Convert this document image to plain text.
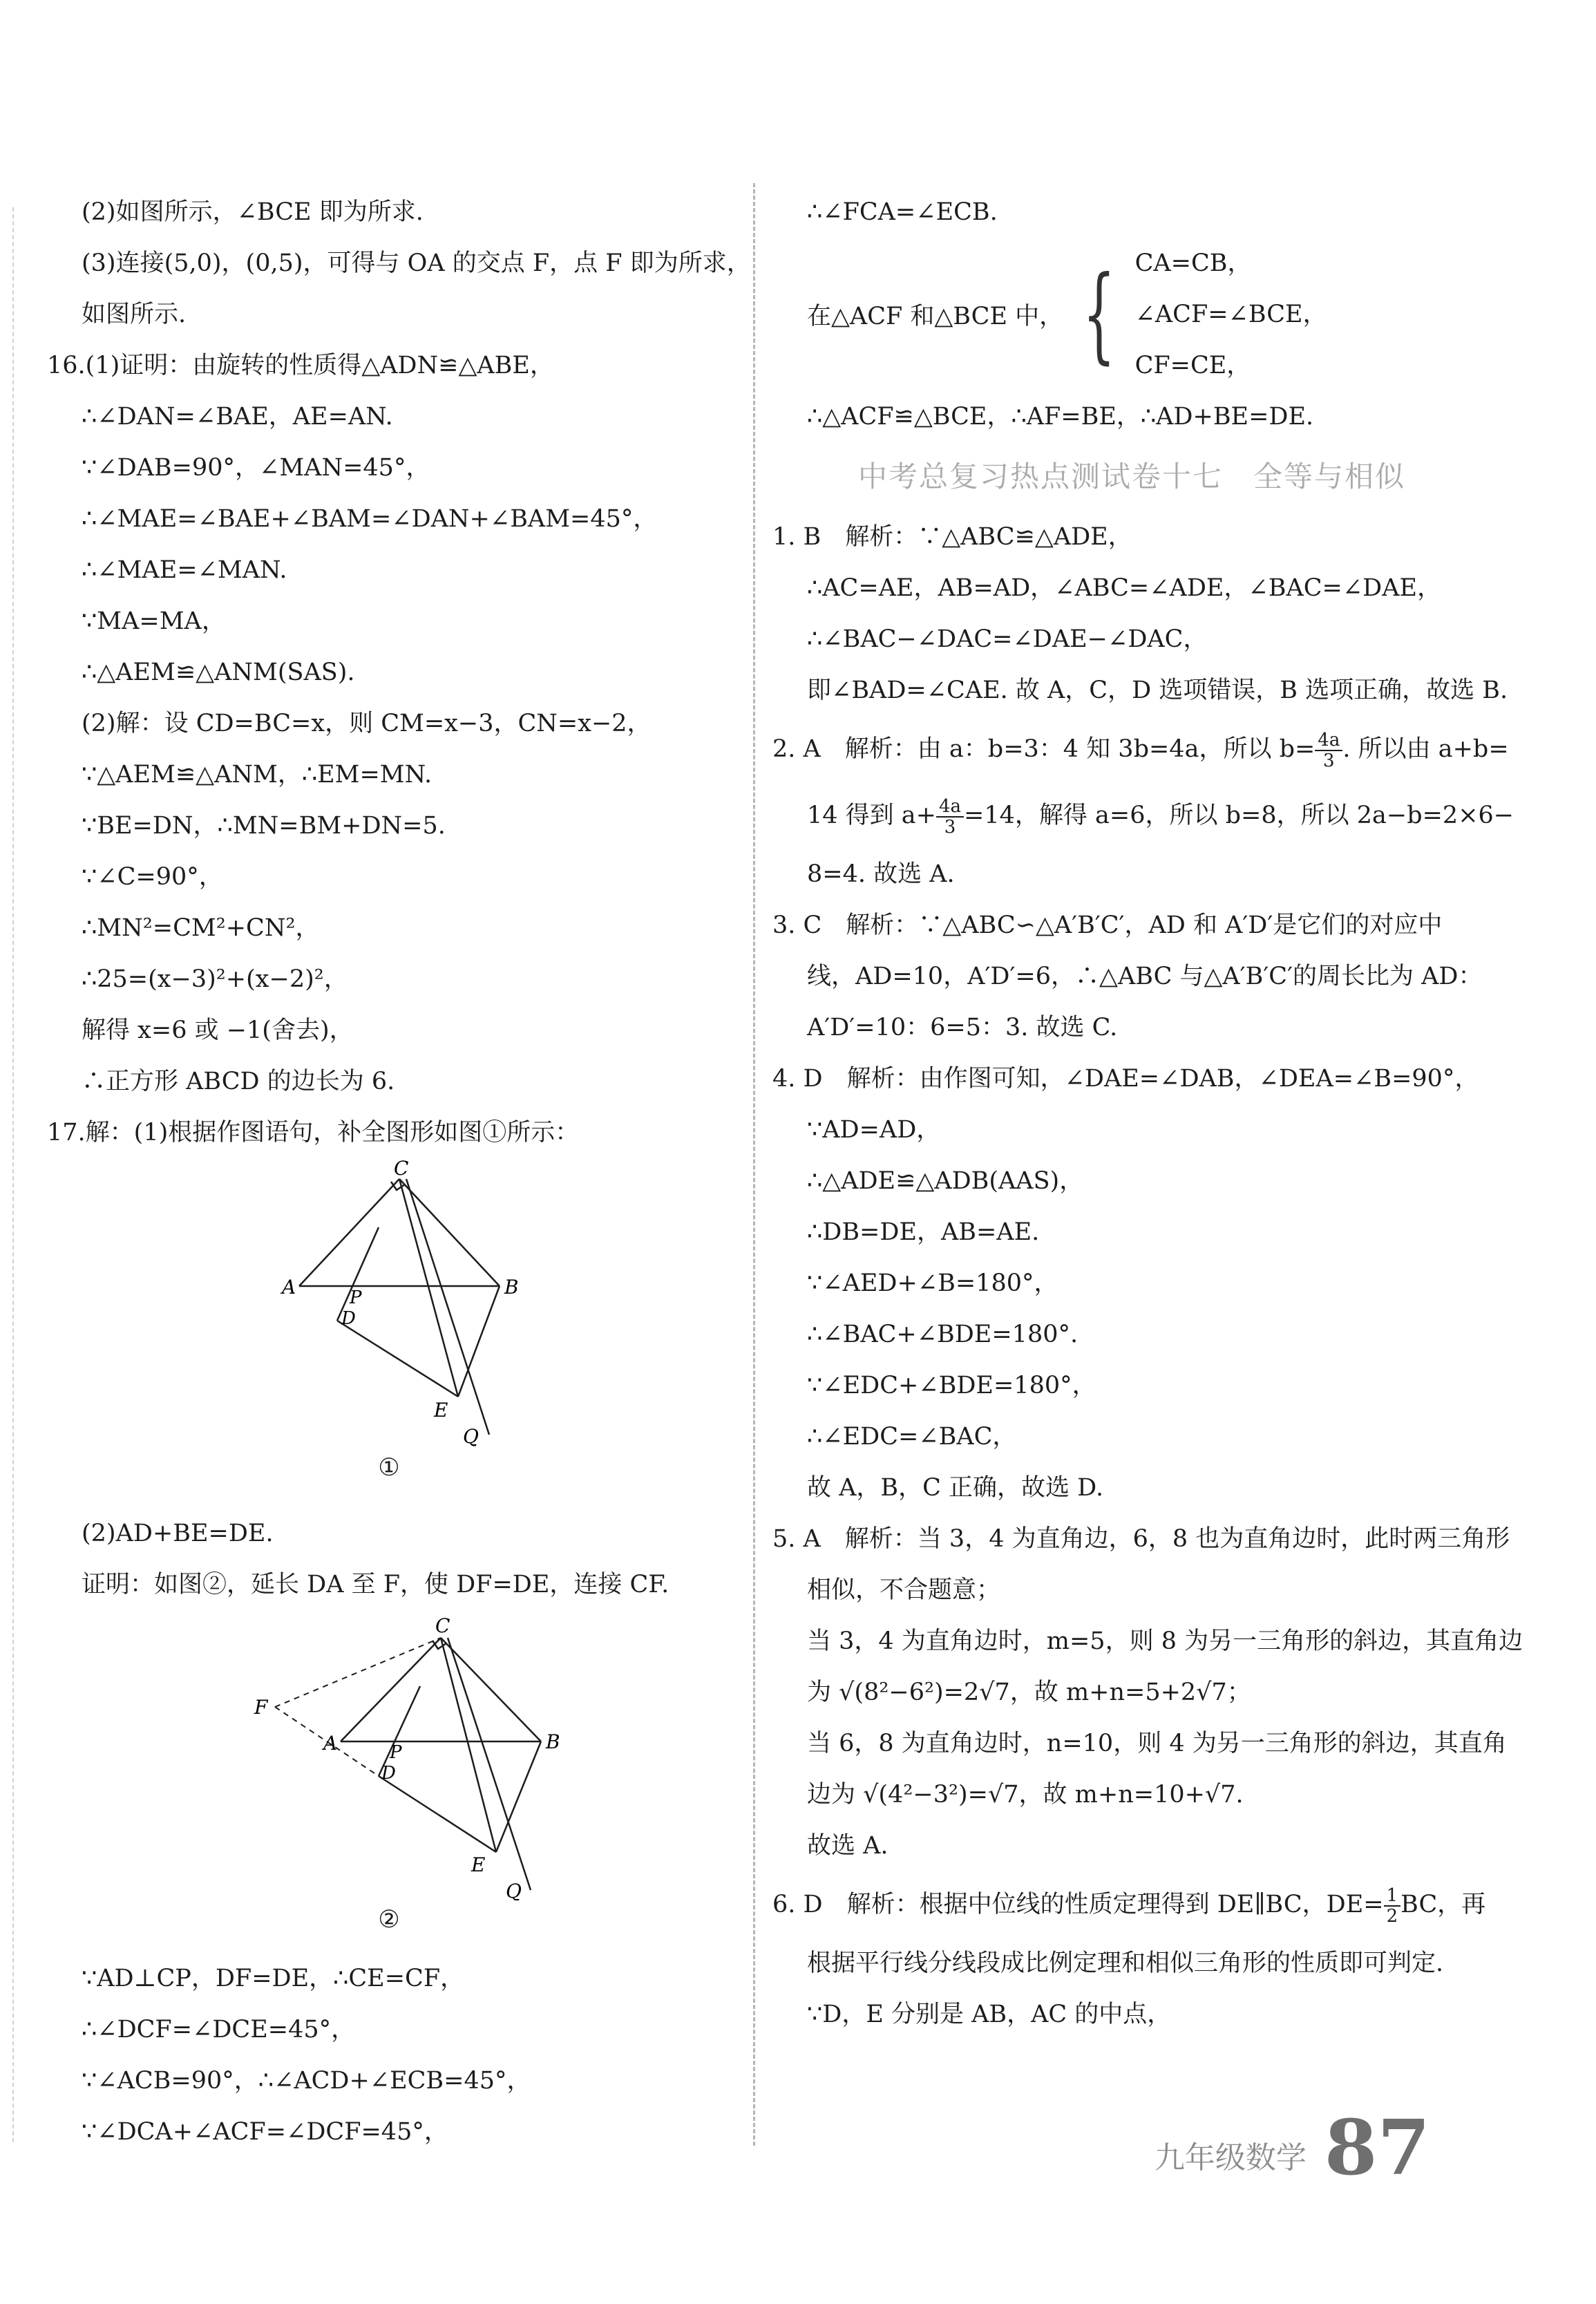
(2)如图所示，∠BCE 即为所求.
(3)连接(5,0)，(0,5)，可得与 OA 的交点 F，点 F 即为所求，
如图所示.
16.(1)证明：由旋转的性质得△ADN≌△ABE，
∴∠DAN=∠BAE，AE=AN.
∵∠DAB=90°，∠MAN=45°，
∴∠MAE=∠BAE+∠BAM=∠DAN+∠BAM=45°，
∴∠MAE=∠MAN.
∵MA=MA，
∴△AEM≌△ANM(SAS).
(2)解：设 CD=BC=x，则 CM=x−3，CN=x−2，
∵△AEM≌△ANM，∴EM=MN.
∵BE=DN，∴MN=BM+DN=5.
∵∠C=90°，
∴MN²=CM²+CN²，
∴25=(x−3)²+(x−2)²，
解得 x=6 或 −1(舍去)，
∴正方形 ABCD 的边长为 6.
17.解：(1)根据作图语句，补全图形如图①所示：
C
A	B
P
D
E
Q
①
(2)AD+BE=DE.
证明：如图②，延长 DA 至 F，使 DF=DE，连接 CF.
C
F
A	B
P
D
E
Q
②
∵AD⊥CP，DF=DE，∴CE=CF，
∴∠DCF=∠DCE=45°，
∵∠ACB=90°，∴∠ACD+∠ECB=45°，
∵∠DCA+∠ACF=∠DCF=45°，
∴∠FCA=∠ECB.
在△ACF 和△BCE 中， { CA=CB，
∠ACF=∠BCE，
CF=CE，
∴△ACF≌△BCE，∴AF=BE，∴AD+BE=DE.
中考总复习热点测试卷十七　全等与相似
1. B　解析：∵△ABC≌△ADE，
∴AC=AE，AB=AD，∠ABC=∠ADE，∠BAC=∠DAE，
∴∠BAC−∠DAC=∠DAE−∠DAC，
即∠BAD=∠CAE. 故 A，C，D 选项错误，B 选项正确，故选 B.
2. A　解析：由 a：b=3：4 知 3b=4a，所以 $b= \frac{4a}{3}$ . 所以由 a+b=
14 得到 $a+ \frac{4a}{3} =14$，解得 a=6，所以 b=8，所以 2a−b=2×6−
8=4. 故选 A.
3. C　解析：∵△ABC∽△A′B′C′，AD 和 A′D′是它们的对应中
线，AD=10，A′D′=6，∴△ABC 与△A′B′C′的周长比为 AD：
A′D′=10：6=5：3. 故选 C.
4. D　解析：由作图可知，∠DAE=∠DAB，∠DEA=∠B=90°，
∵AD=AD，
∴△ADE≌△ADB(AAS)，
∴DB=DE，AB=AE.
∵∠AED+∠B=180°，
∴∠BAC+∠BDE=180°.
∵∠EDC+∠BDE=180°，
∴∠EDC=∠BAC，
故 A，B，C 正确，故选 D.
5. A　解析：当 3，4 为直角边，6，8 也为直角边时，此时两三角形
相似，不合题意；
当 3，4 为直角边时，m=5，则 8 为另一三角形的斜边，其直角边
为 √(8²−6²)=2√7，故 m+n=5+2√7；
当 6，8 为直角边时，n=10，则 4 为另一三角形的斜边，其直角
边为 √(4²−3²)=√7，故 m+n=10+√7.
故选 A.
6. D　解析：根据中位线的性质定理得到 DE∥BC，$DE= \frac{1}{2}$ BC，再
根据平行线分线段成比例定理和相似三角形的性质即可判定.
∵D，E 分别是 AB，AC 的中点，
九年级数学 87
